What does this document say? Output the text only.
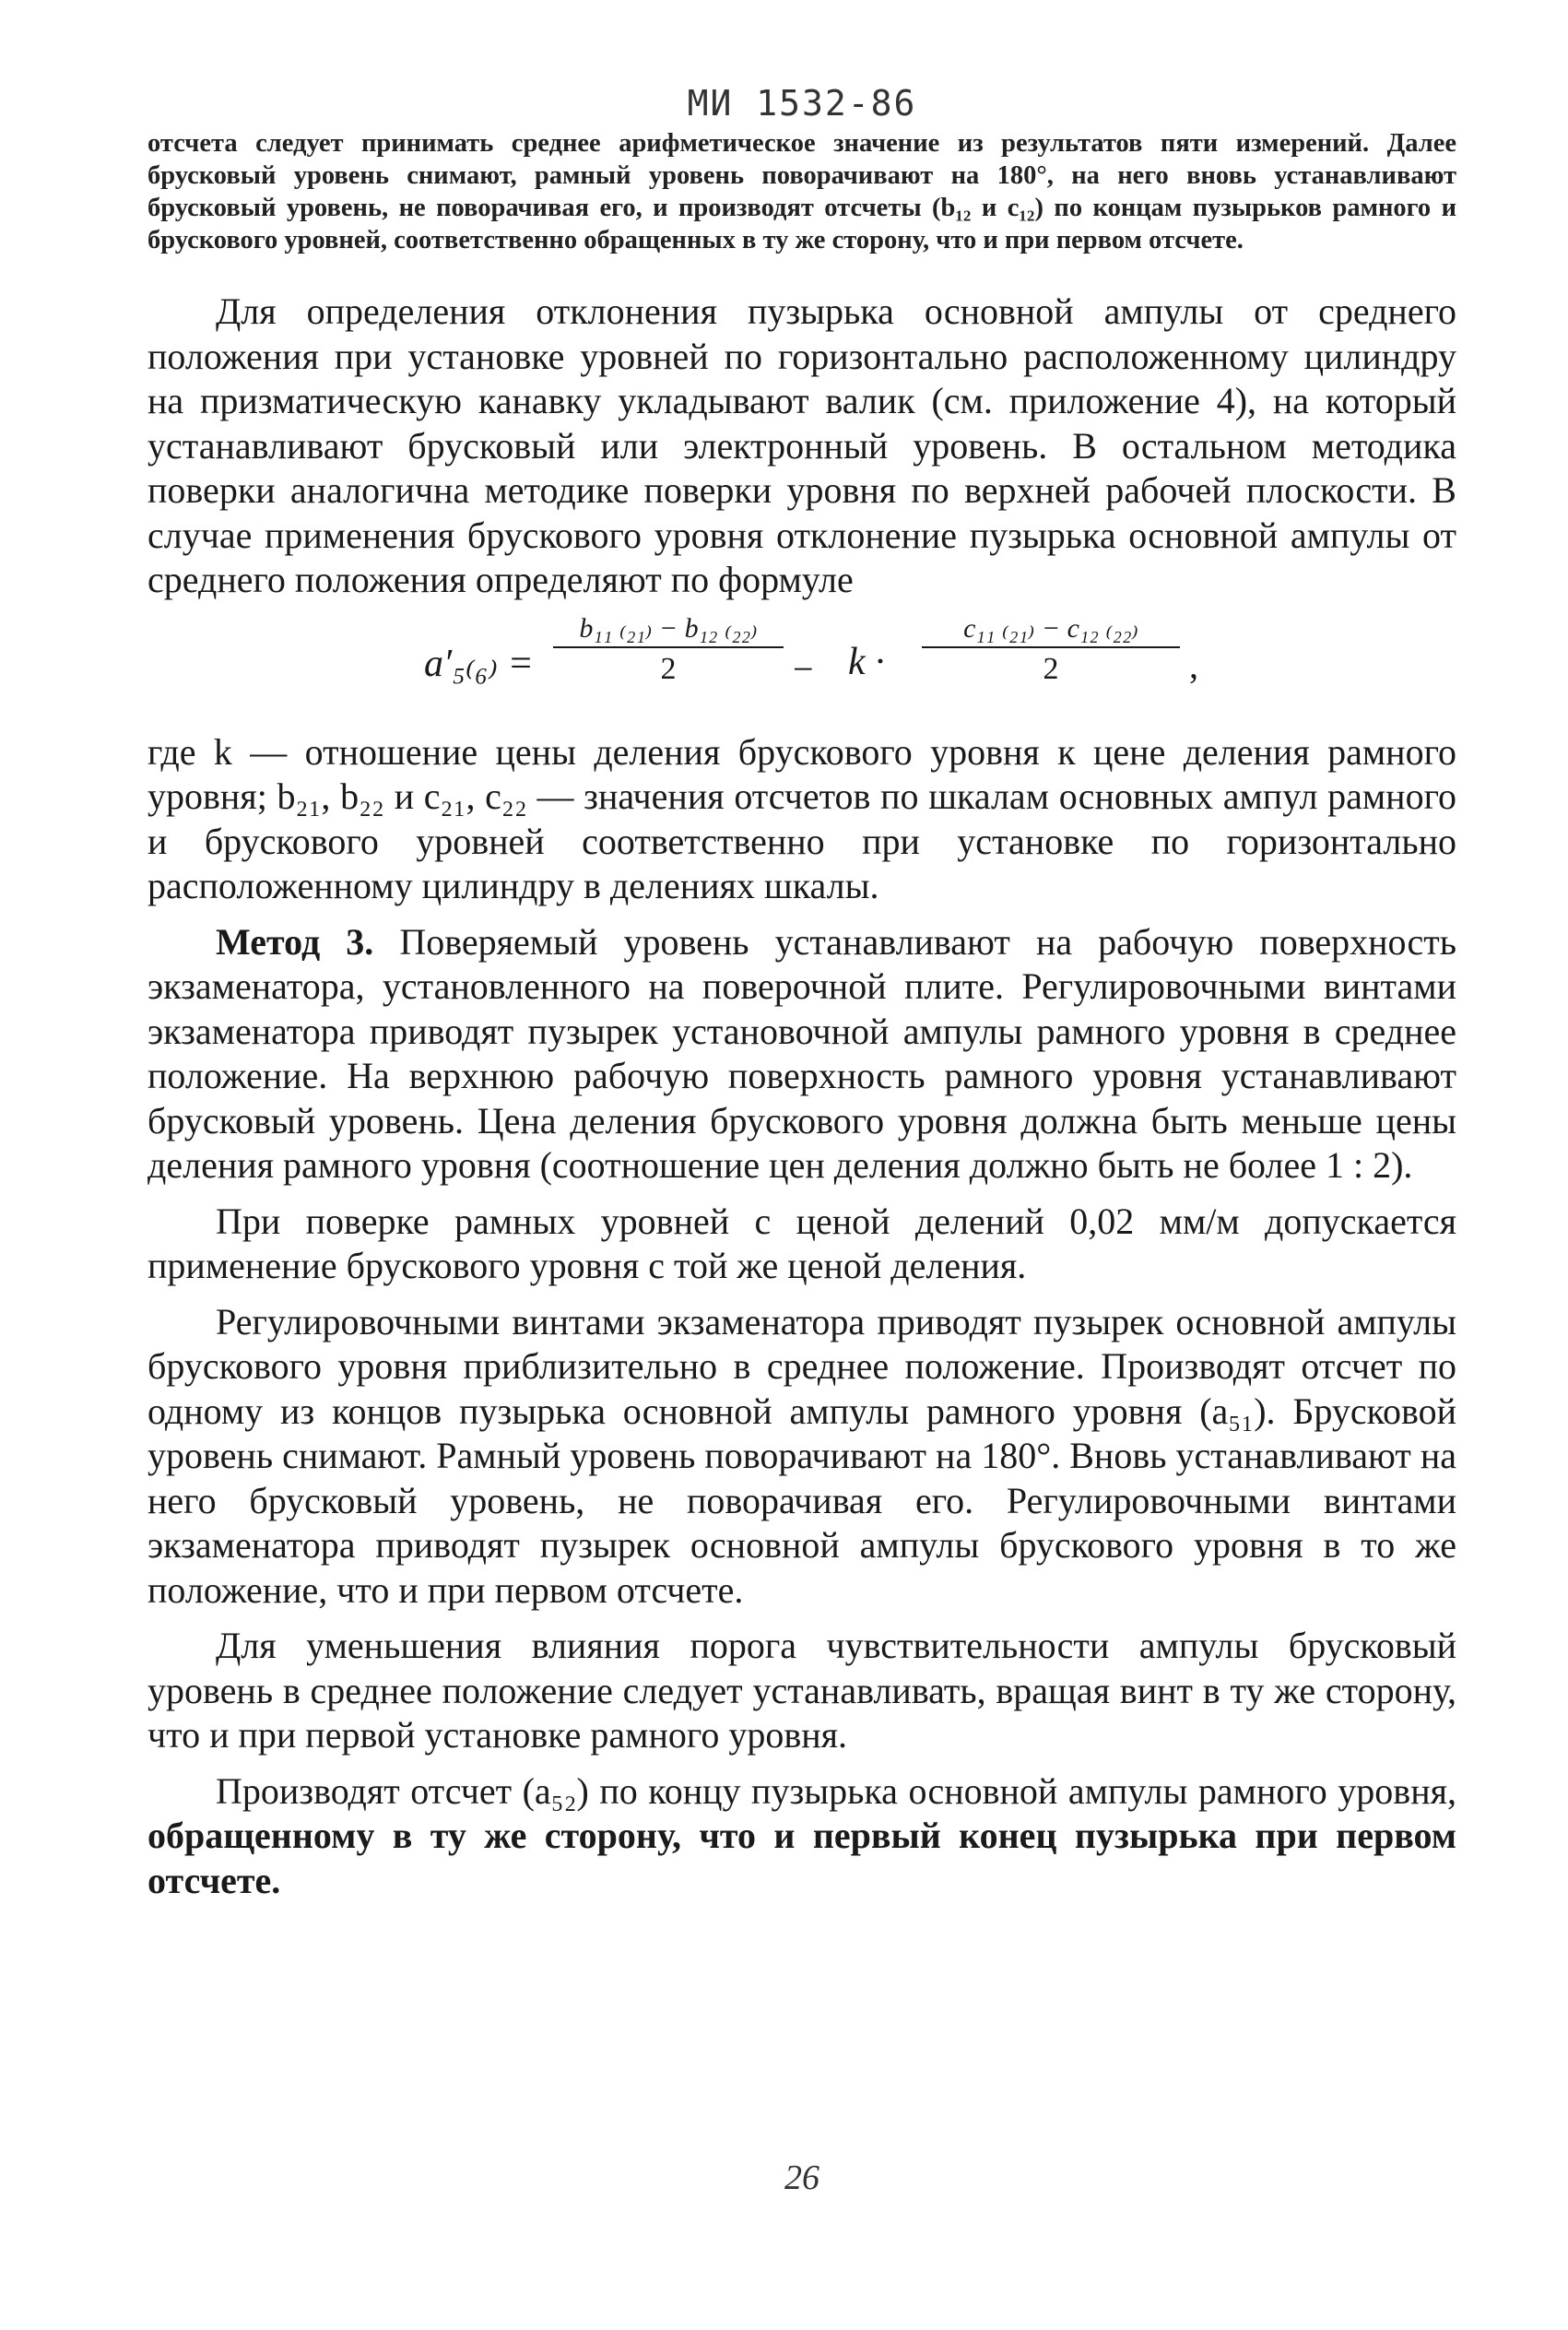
МИ 1532-86

отсчета следует принимать среднее арифметическое значение из результатов пяти измерений. Далее брусковый уровень снимают, рамный уровень поворачивают на 180°, на него вновь устанавливают брусковый уровень, не поворачивая его, и производят отсчеты (b₁₂ и c₁₂) по концам пузырьков рамного и брускового уровней, соответственно обращенных в ту же сторону, что и при первом отсчете.

Для определения отклонения пузырька основной ампулы от среднего положения при установке уровней по горизонтально расположенному цилиндру на призматическую канавку укладывают валик (см. приложение 4), на который устанавливают брусковый или электронный уровень. В остальном методика поверки аналогична методике поверки уровня по верхней рабочей плоскости. В случае применения брускового уровня отклонение пузырька основной ампулы от среднего положения определяют по формуле

$a'_{5(6)} = \frac{\text{b₁₁ ₍₂₁₎ − b₁₂ ₍₂₂₎}}{2} - k \cdot \frac{\text{c₁₁ ₍₂₁₎ − c₁₂ ₍₂₂₎}}{2}$ ,

где k — отношение цены деления брускового уровня к цене деления рамного уровня; b₂₁, b₂₂ и c₂₁, c₂₂ — значения отсчетов по шкалам основных ампул рамного и брускового уровней соответственно при установке по горизонтально расположенному цилиндру в делениях шкалы.

Метод 3. Поверяемый уровень устанавливают на рабочую поверхность экзаменатора, установленного на поверочной плите. Регулировочными винтами экзаменатора приводят пузырек установочной ампулы рамного уровня в среднее положение. На верхнюю рабочую поверхность рамного уровня устанавливают брусковый уровень. Цена деления брускового уровня должна быть меньше цены деления рамного уровня (соотношение цен деления должно быть не более 1 : 2).

При поверке рамных уровней с ценой делений 0,02 мм/м допускается применение брускового уровня с той же ценой деления.

Регулировочными винтами экзаменатора приводят пузырек основной ампулы брускового уровня приблизительно в среднее положение. Производят отсчет по одному из концов пузырька основной ампулы рамного уровня (a₅₁). Брусковой уровень снимают. Рамный уровень поворачивают на 180°. Вновь устанавливают на него брусковый уровень, не поворачивая его. Регулировочными винтами экзаменатора приводят пузырек основной ампулы брускового уровня в то же положение, что и при первом отсчете.

Для уменьшения влияния порога чувствительности ампулы брусковый уровень в среднее положение следует устанавливать, вращая винт в ту же сторону, что и при первой установке рамного уровня.

Производят отсчет (a₅₂) по концу пузырька основной ампулы рамного уровня, обращенному в ту же сторону, что и первый конец пузырька при первом отсчете.

26
